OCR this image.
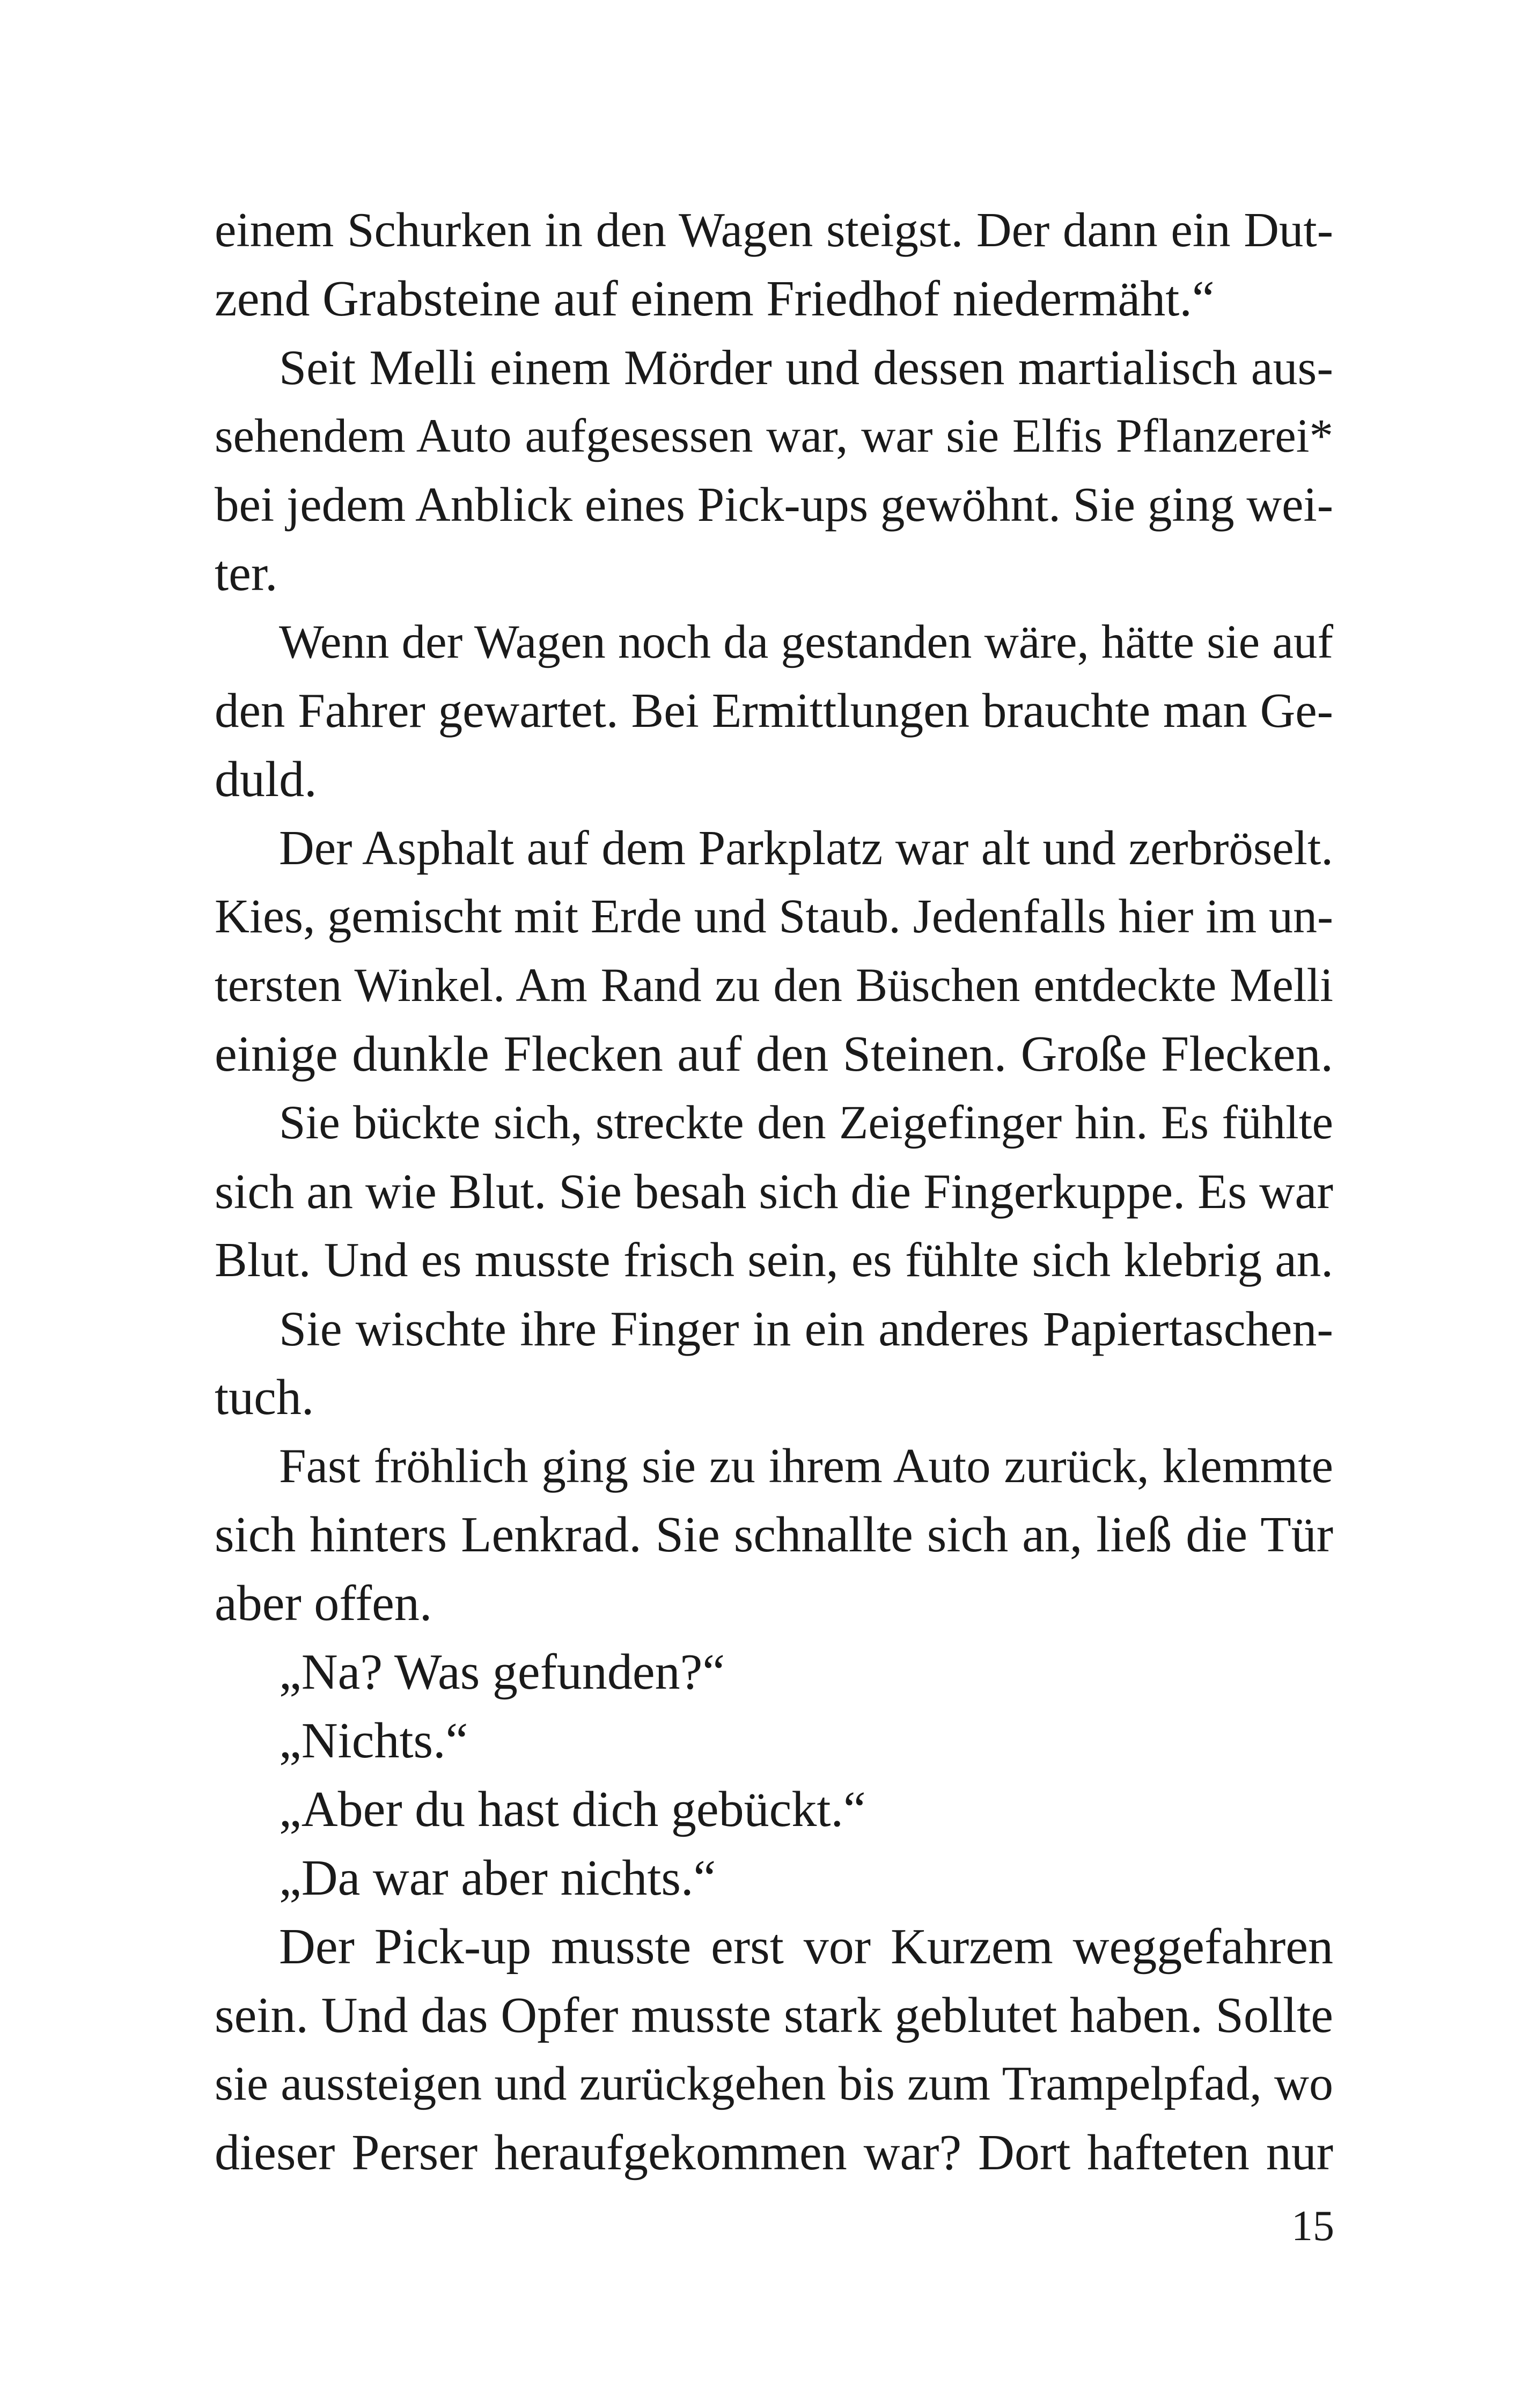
einem Schurken in den Wagen steigst. Der dann ein Dut-
zend Grabsteine auf einem Friedhof niedermäht.“
Seit Melli einem Mörder und dessen martialisch aus-
sehendem Auto aufgesessen war, war sie Elfis Pflanzerei*
bei jedem Anblick eines Pick-ups gewöhnt. Sie ging wei-
ter.
Wenn der Wagen noch da gestanden wäre, hätte sie auf
den Fahrer gewartet. Bei Ermittlungen brauchte man Ge-
duld.
Der Asphalt auf dem Parkplatz war alt und zerbröselt.
Kies, gemischt mit Erde und Staub. Jedenfalls hier im un-
tersten Winkel. Am Rand zu den Büschen entdeckte Melli
einige dunkle Flecken auf den Steinen. Große Flecken.
Sie bückte sich, streckte den Zeigefinger hin. Es fühlte
sich an wie Blut. Sie besah sich die Fingerkuppe. Es war
Blut. Und es musste frisch sein, es fühlte sich klebrig an.
Sie wischte ihre Finger in ein anderes Papiertaschen-
tuch.
Fast fröhlich ging sie zu ihrem Auto zurück, klemmte
sich hinters Lenkrad. Sie schnallte sich an, ließ die Tür
aber offen.
„Na? Was gefunden?“
„Nichts.“
„Aber du hast dich gebückt.“
„Da war aber nichts.“
Der Pick-up musste erst vor Kurzem weggefahren
sein. Und das Opfer musste stark geblutet haben. Sollte
sie aussteigen und zurückgehen bis zum Trampelpfad, wo
dieser Perser heraufgekommen war? Dort hafteten nur
15
